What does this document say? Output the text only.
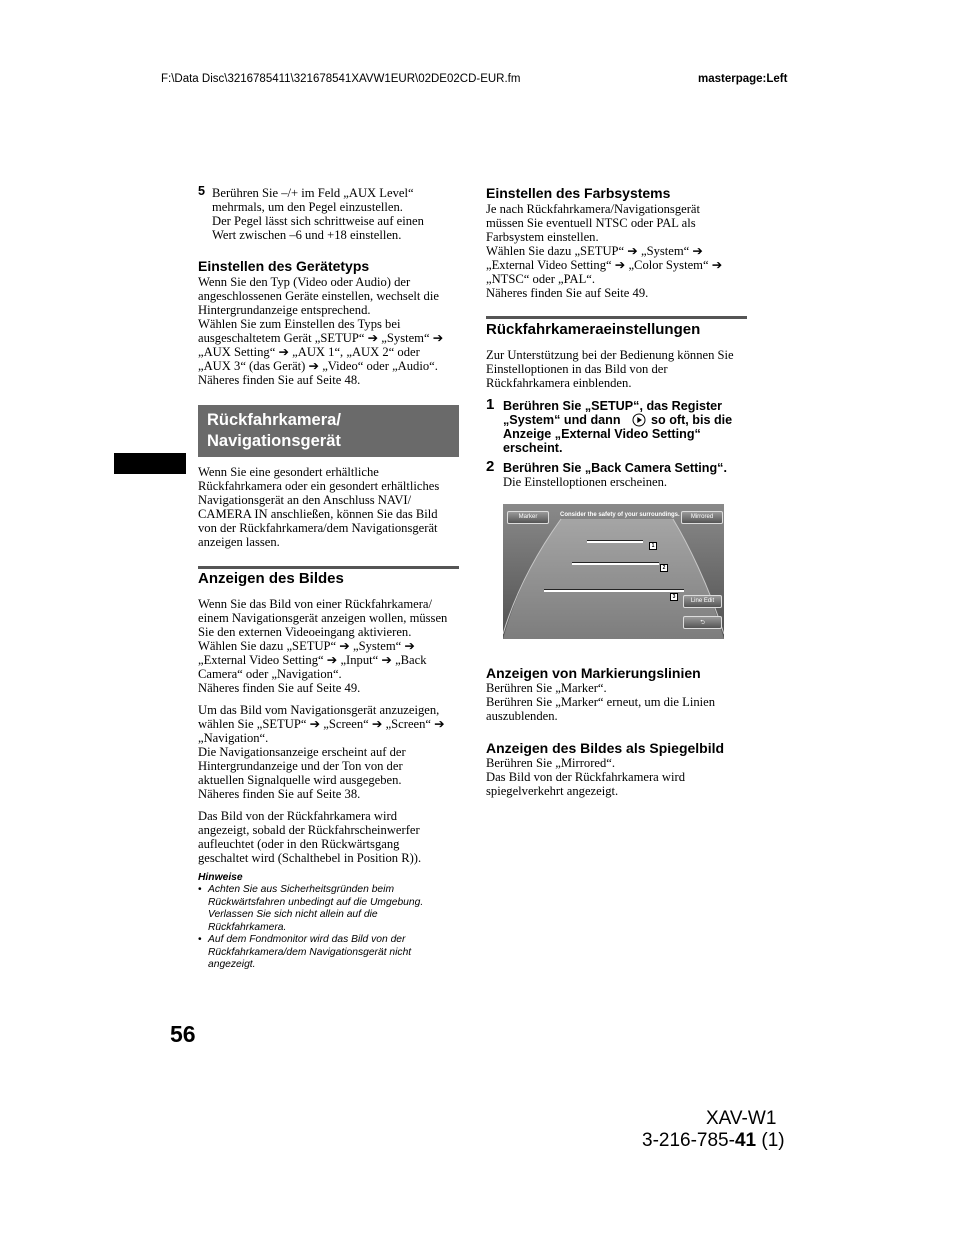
F:\Data Disc\3216785411\321678541XAVW1EUR\02DE02CD-EUR.fm	masterpage:Left
5 Berühren Sie –/+ im Feld „AUX Level“
mehrmals, um den Pegel einzustellen.
Der Pegel lässt sich schrittweise auf einen
Wert zwischen –6 und +18 einstellen.

Einstellen des Gerätetyps

Wenn Sie den Typ (Video oder Audio) der
angeschlossenen Geräte einstellen, wechselt die
Hintergrundanzeige entsprechend.
Wählen Sie zum Einstellen des Typs bei
ausgeschaltetem Gerät „SETUP“ ➔ „System“ ➔
„AUX Setting“ ➔ „AUX 1“, „AUX 2“ oder
„AUX 3“ (das Gerät) ➔ „Video“ oder „Audio“.
Näheres finden Sie auf Seite 48.

Rückfahrkamera/
Navigationsgerät

Wenn Sie eine gesondert erhältliche
Rückfahrkamera oder ein gesondert erhältliches
Navigationsgerät an den Anschluss NAVI/
CAMERA IN anschließen, können Sie das Bild
von der Rückfahrkamera/dem Navigationsgerät
anzeigen lassen.

Anzeigen des Bildes

Wenn Sie das Bild von einer Rückfahrkamera/
einem Navigationsgerät anzeigen wollen, müssen
Sie den externen Videoeingang aktivieren.
Wählen Sie dazu „SETUP“ ➔ „System“ ➔
„External Video Setting“ ➔ „Input“ ➔ „Back
Camera“ oder „Navigation“.
Näheres finden Sie auf Seite 49.

Um das Bild vom Navigationsgerät anzuzeigen,
wählen Sie „SETUP“ ➔ „Screen“ ➔ „Screen“ ➔
„Navigation“.
Die Navigationsanzeige erscheint auf der
Hintergrundanzeige und der Ton von der
aktuellen Signalquelle wird ausgegeben.
Näheres finden Sie auf Seite 38.

Das Bild von der Rückfahrkamera wird
angezeigt, sobald der Rückfahrscheinwerfer
aufleuchtet (oder in den Rückwärtsgang
geschaltet wird (Schalthebel in Position R)).

Hinweise
• Achten Sie aus Sicherheitsgründen beim
Rückwärtsfahren unbedingt auf die Umgebung.
Verlassen Sie sich nicht allein auf die
Rückfahrkamera.

• Auf dem Fondmonitor wird das Bild von der
Rückfahrkamera/dem Navigationsgerät nicht
angezeigt.

Einstellen des Farbsystems

Je nach Rückfahrkamera/Navigationsgerät
müssen Sie eventuell NTSC oder PAL als
Farbsystem einstellen.
Wählen Sie dazu „SETUP“ ➔ „System“ ➔
„External Video Setting“ ➔ „Color System“ ➔
„NTSC“ oder „PAL“.
Näheres finden Sie auf Seite 49.

Rückfahrkameraeinstellungen

Zur Unterstützung bei der Bedienung können Sie
Einstelloptionen in das Bild von der
Rückfahrkamera einblenden.

1 Berühren Sie „SETUP“, das Register
„System“ und dann	so oft, bis die

Anzeige „External Video Setting“
erscheint.

2 Berühren Sie „Back Camera Setting“.
Die Einstelloptionen erscheinen.
1
2
3
Marker	Consider the safety of your surroundings.	Mirrored
Line Edit
⮌
Anzeigen von Markierungslinien

Berühren Sie „Marker“.
Berühren Sie „Marker“ erneut, um die Linien
auszublenden.

Anzeigen des Bildes als Spiegelbild

Berühren Sie „Mirrored“.
Das Bild von der Rückfahrkamera wird
spiegelverkehrt angezeigt.

56
XAV-W1
3-216-785-41 (1)
